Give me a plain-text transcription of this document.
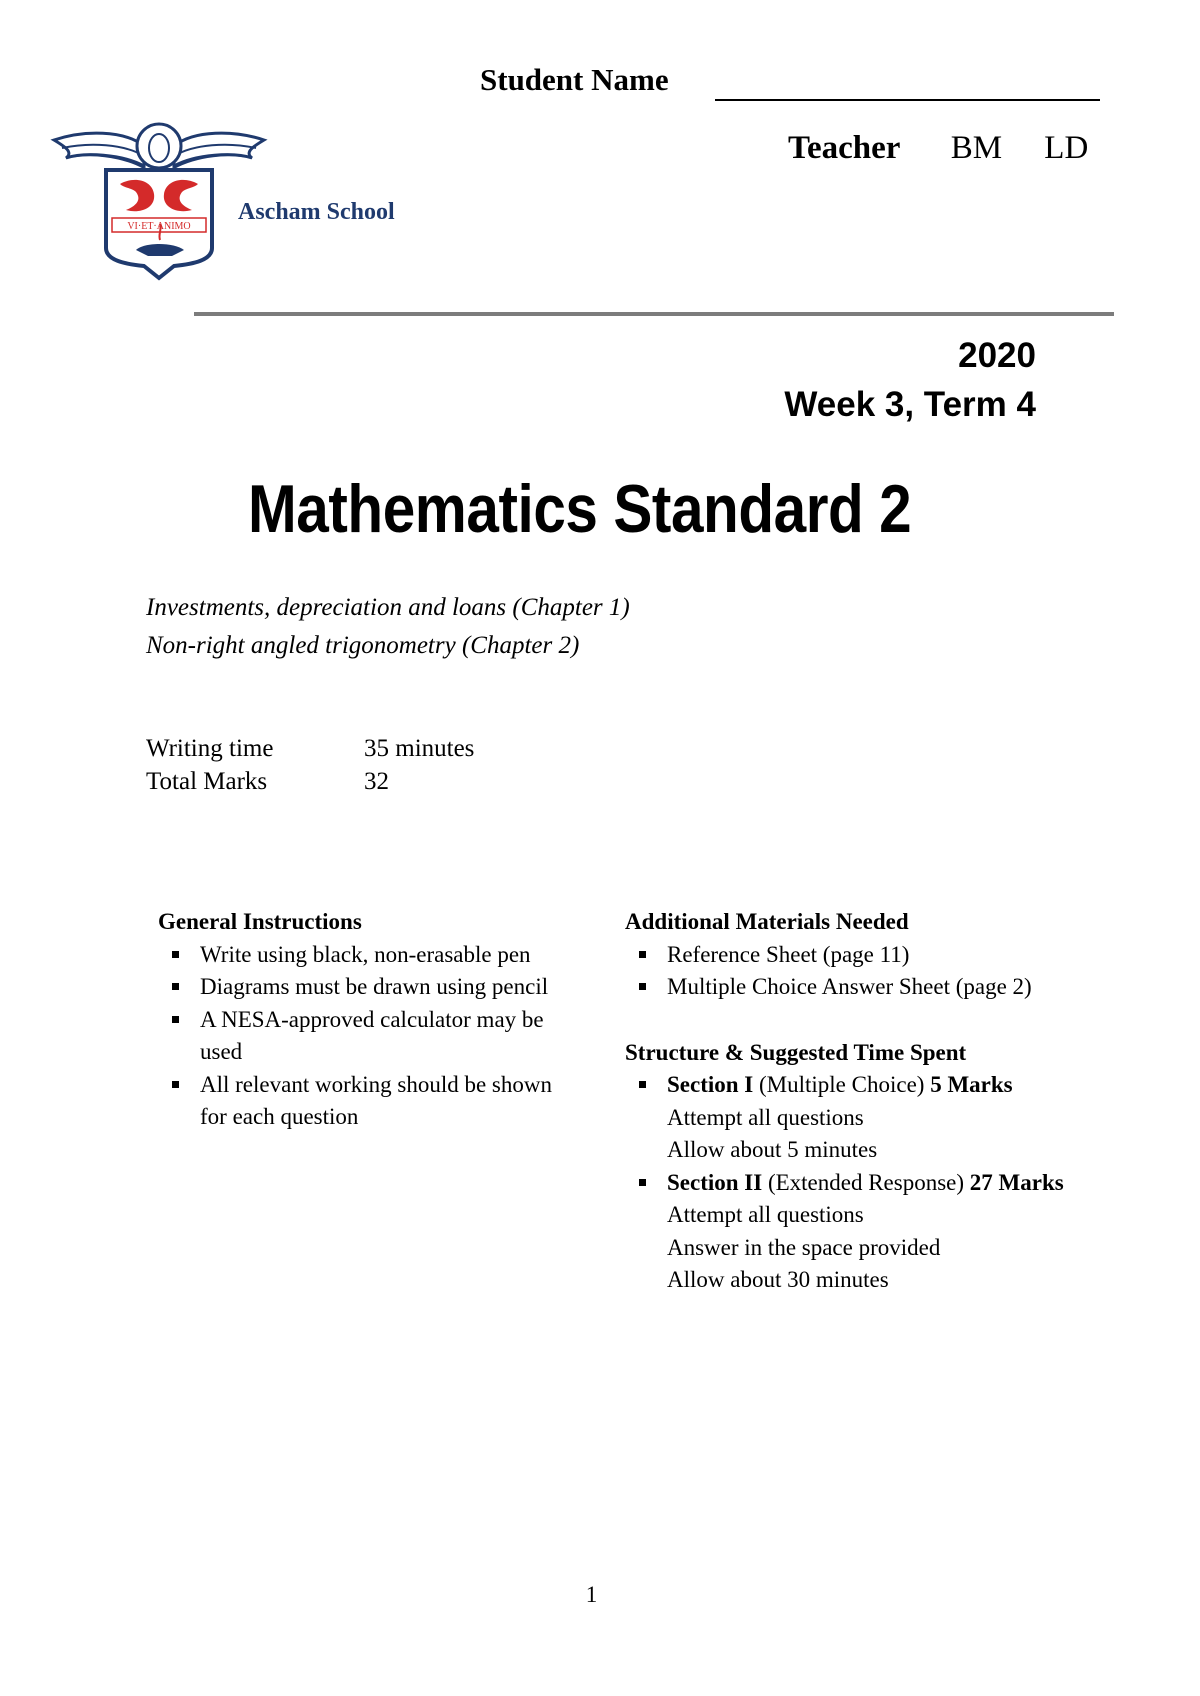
Student Name
Teacher BM LD
VI·ET·ANIMO
Ascham School
2020
Week 3, Term 4
Mathematics Standard 2
Investments, depreciation and loans (Chapter 1)
Non-right angled trigonometry (Chapter 2)
Writing time	35 minutes
Total Marks	32
General Instructions
Write using black, non-erasable pen
Diagrams must be drawn using pencil
A NESA-approved calculator may be used
All relevant working should be shown for each question
Additional Materials Needed
Reference Sheet (page 11)
Multiple Choice Answer Sheet (page 2)
Structure & Suggested Time Spent
Section I (Multiple Choice) 5 Marks
Attempt all questions
Allow about 5 minutes
Section II (Extended Response) 27 Marks
Attempt all questions
Answer in the space provided
Allow about 30 minutes
1
